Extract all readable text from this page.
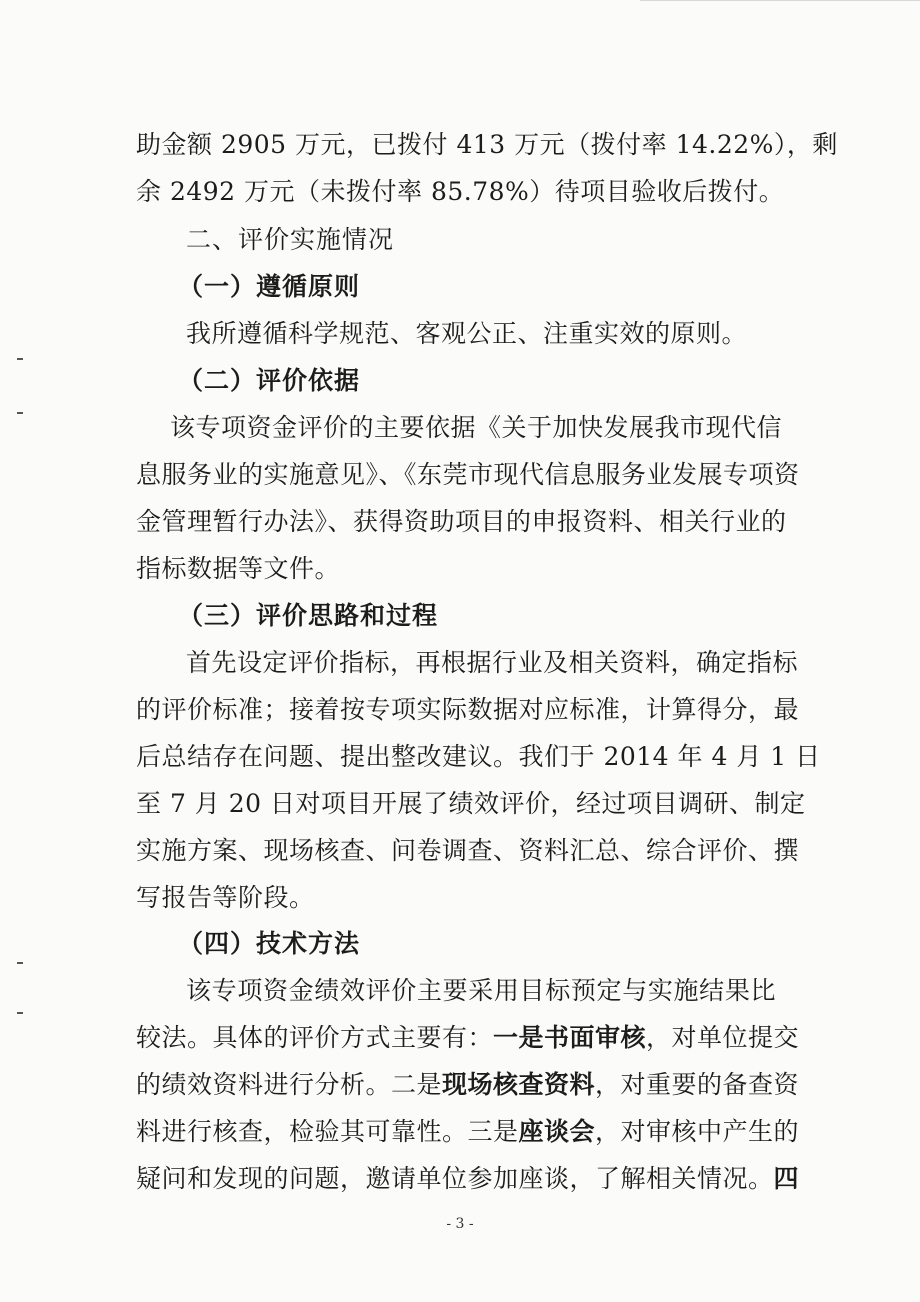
助金额 2905 万元，已拨付 413 万元（拨付率 14.22%），剩
余 2492 万元（未拨付率 85.78%）待项目验收后拨付。
二、评价实施情况
（一）遵循原则
我所遵循科学规范、客观公正、注重实效的原则。
（二）评价依据
该专项资金评价的主要依据《关于加快发展我市现代信
息服务业的实施意见》、《东莞市现代信息服务业发展专项资
金管理暂行办法》、获得资助项目的申报资料、相关行业的
指标数据等文件。
（三）评价思路和过程
首先设定评价指标，再根据行业及相关资料，确定指标
的评价标准；接着按专项实际数据对应标准，计算得分，最
后总结存在问题、提出整改建议。我们于 2014 年 4 月 1 日
至 7 月 20 日对项目开展了绩效评价，经过项目调研、制定
实施方案、现场核查、问卷调查、资料汇总、综合评价、撰
写报告等阶段。
（四）技术方法
该专项资金绩效评价主要采用目标预定与实施结果比
较法。具体的评价方式主要有：一是书面审核，对单位提交
的绩效资料进行分析。二是现场核查资料，对重要的备查资
料进行核查，检验其可靠性。三是座谈会，对审核中产生的
疑问和发现的问题，邀请单位参加座谈，了解相关情况。四
- 3 -
